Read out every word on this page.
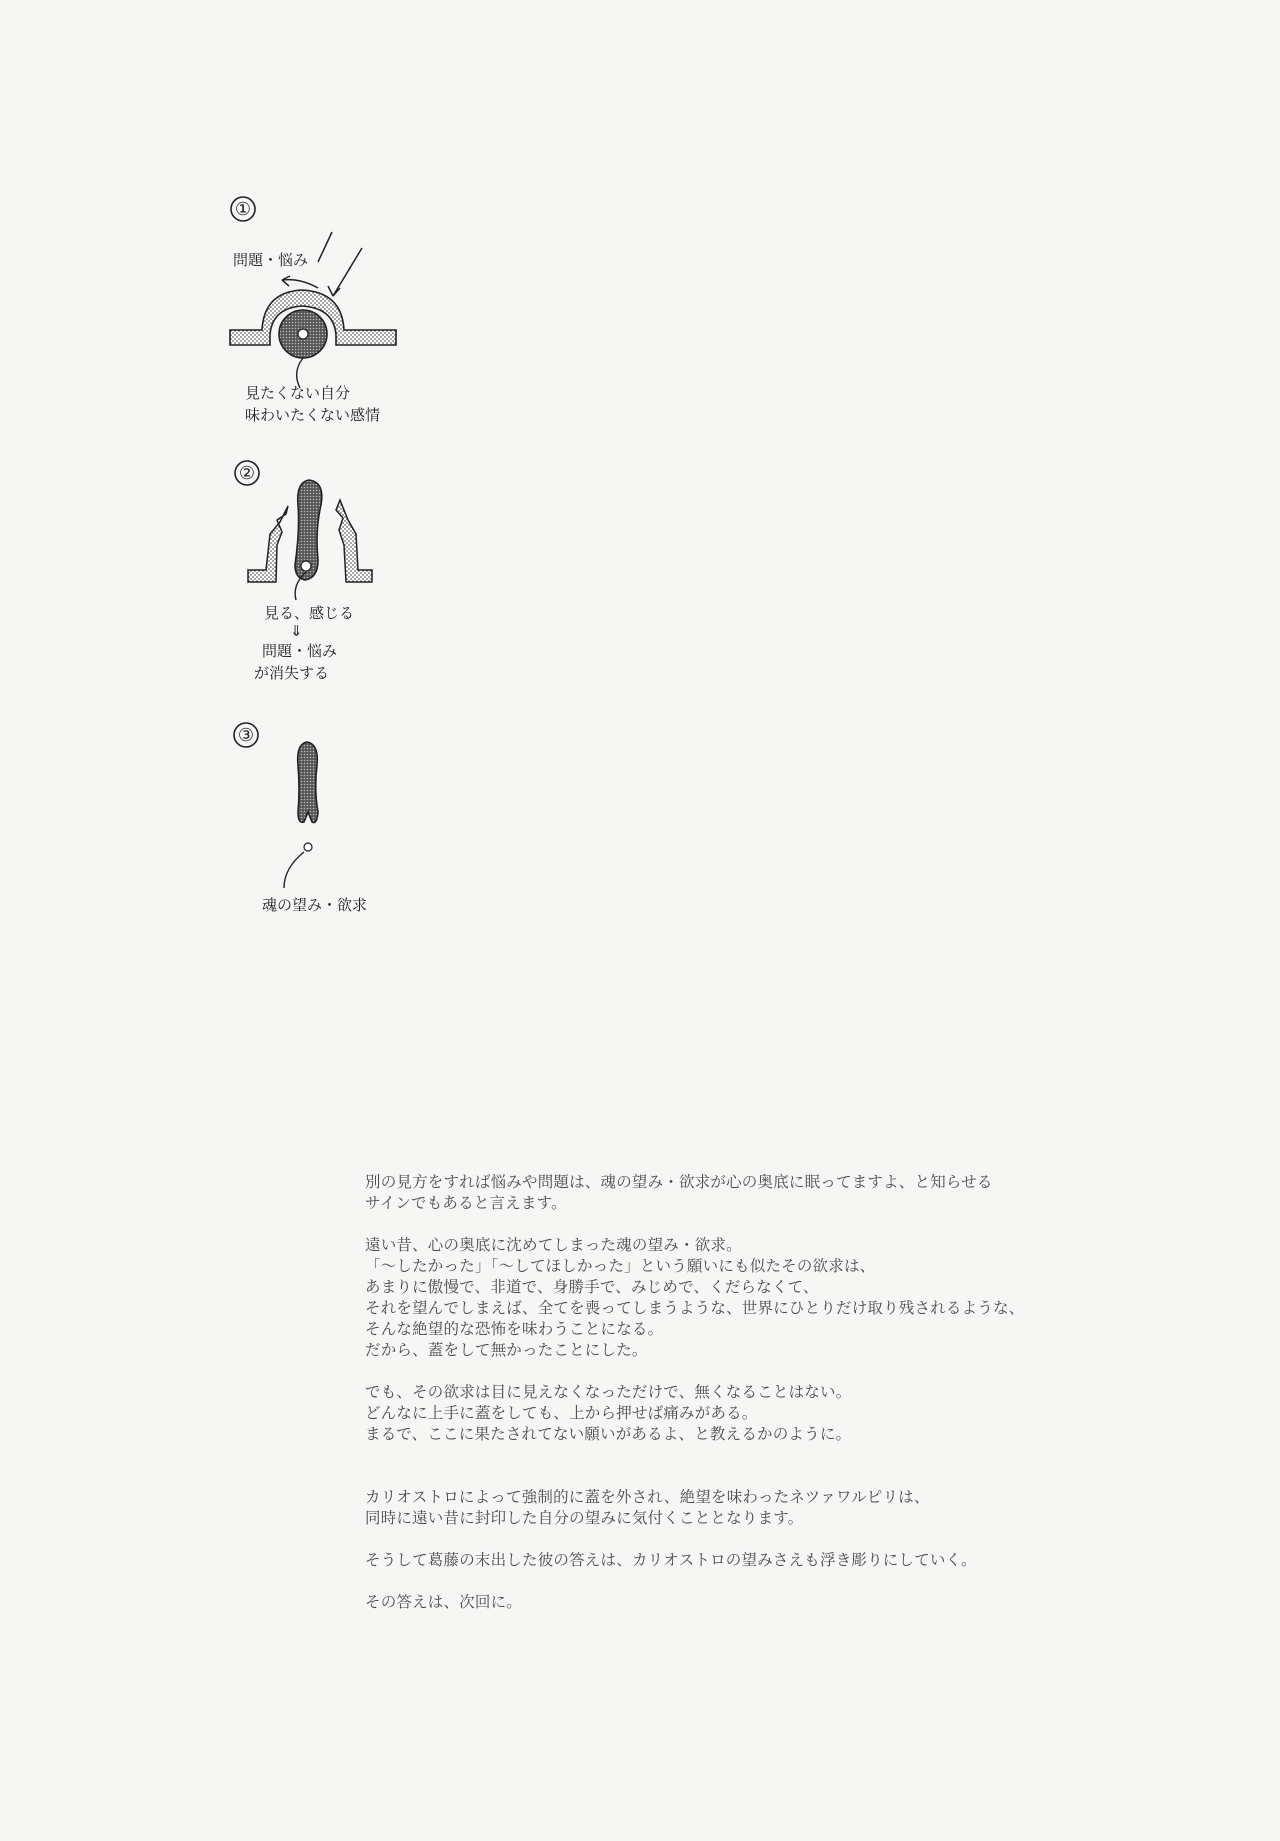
①
問題・悩み
見たくない自分
味わいたくない感情
②
見る、感じる
⇓
問題・悩み
が消失する
③
魂の望み・欲求

別の見方をすれば悩みや問題は、魂の望み・欲求が心の奥底に眠ってますよ、と知らせる
サインでもあると言えます。

遠い昔、心の奥底に沈めてしまった魂の望み・欲求。
「〜したかった」「〜してほしかった」という願いにも似たその欲求は、
あまりに傲慢で、非道で、身勝手で、みじめで、くだらなくて、
それを望んでしまえば、全てを喪ってしまうような、世界にひとりだけ取り残されるような、
そんな絶望的な恐怖を味わうことになる。
だから、蓋をして無かったことにした。

でも、その欲求は目に見えなくなっただけで、無くなることはない。
どんなに上手に蓋をしても、上から押せば痛みがある。
まるで、ここに果たされてない願いがあるよ、と教えるかのように。

カリオストロによって強制的に蓋を外され、絶望を味わったネツァワルピリは、
同時に遠い昔に封印した自分の望みに気付くこととなります。

そうして葛藤の末出した彼の答えは、カリオストロの望みさえも浮き彫りにしていく。

その答えは、次回に。
